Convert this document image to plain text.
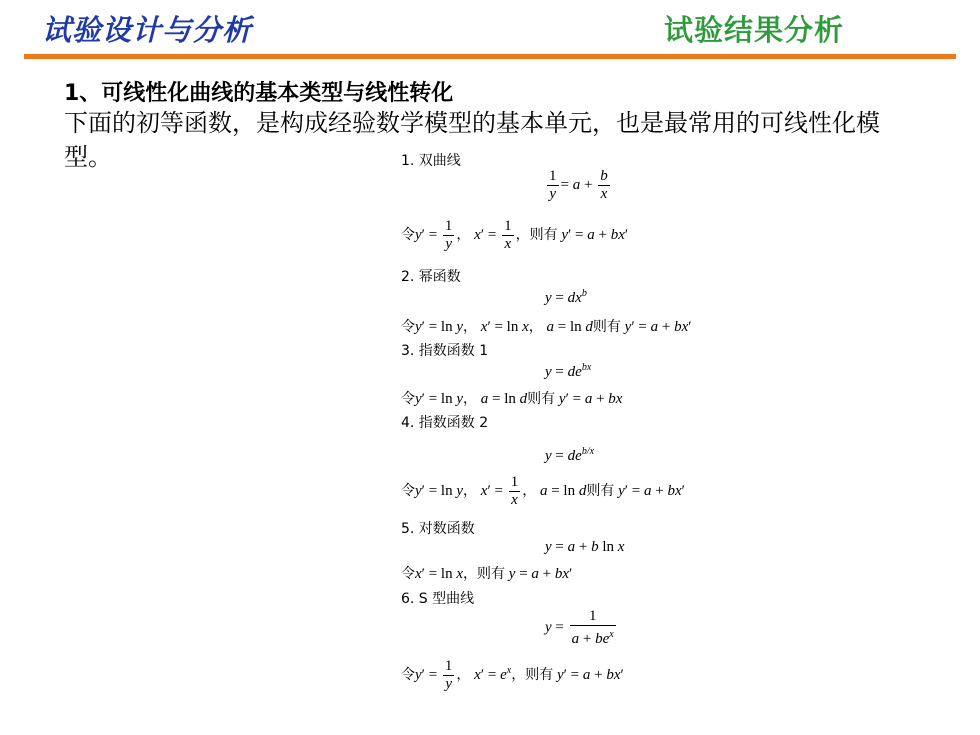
试验设计与分析	试验结果分析
1、可线性化曲线的基本类型与线性转化
下面的初等函数，是构成经验数学模型的基本单元，也是最常用的可线性化模型。	1. 双曲线
$\frac{1}{y} = a + \frac{b}{x}$
令$y' = \frac{1}{y}$ ， $x' = \frac{1}{x}$ ，则有 y′ = a + bx′
2. 幂函数
$y = dx^b$
令y′ = ln y， x′ = ln x， a = ln d则有 y′ = a + bx′
3. 指数函数 1
$y = de^{bx}$
令y′ = ln y， a = ln d则有 y′ = a + bx
4. 指数函数 2
$y = de^{b/x}$
令y′ = ln y， $x' = \frac{1}{x}$ ， a = ln d则有 y′ = a + bx′
5. 对数函数
y = a + b ln x
令x′ = ln x，则有 y = a + bx′
6. S 型曲线
$y = \frac{1}{a + be^x}$
令$y' = \frac{1}{y}$ ， $x' = e^x$，则有 y′ = a + bx′
